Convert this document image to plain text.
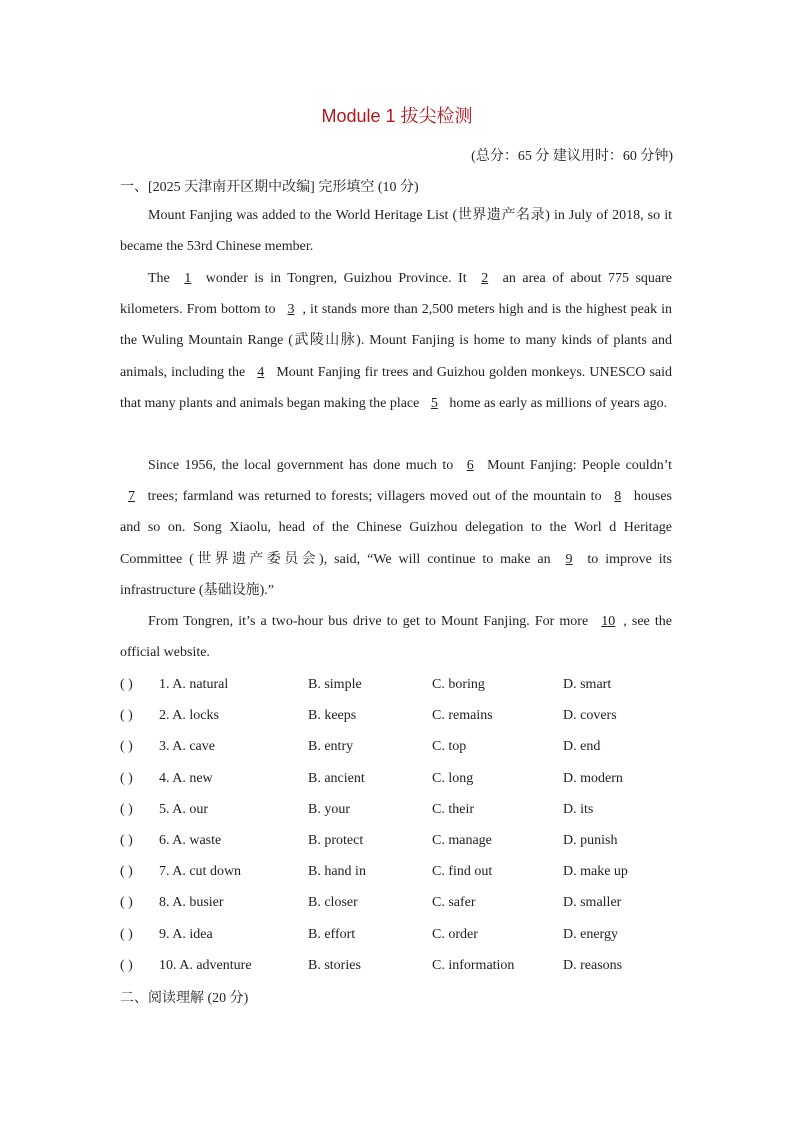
Module 1 拔尖检测
(总分：65 分 建议用时：60 分钟)
一、[2025 天津南开区期中改编] 完形填空 (10 分)

Mount Fanjing was added to the World Heritage List (世界遗产名录) in July of 2018, so it became the 53rd Chinese member.

The 1 wonder is in Tongren, Guizhou Province. It 2 an area of about 775 square kilometers. From bottom to 3 , it stands more than 2,500 meters high and is the highest peak in the Wuling Mountain Range (武陵山脉). Mount Fanjing is home to many kinds of plants and animals, including the 4 Mount Fanjing fir trees and Guizhou golden monkeys. UNESCO said that many plants and animals began making the place 5 home as early as millions of years ago.

Since 1956, the local government has done much to 6 Mount Fanjing: People couldn’t 7 trees; farmland was returned to forests; villagers moved out of the mountain to 8 houses and so on. Song Xiaolu, head of the Chinese Guizhou delegation to the Worl d Heritage Committee (世界遗产委员会), said, “We will continue to make an 9 to improve its infrastructure (基础设施).”

From Tongren, it’s a two-hour bus drive to get to Mount Fanjing. For more 10 , see the official website.

( ) 1. A. natural	B. simple	C. boring	D. smart
( ) 2. A. locks	B. keeps	C. remains	D. covers
( ) 3. A. cave	B. entry	C. top	D. end
( ) 4. A. new	B. ancient	C. long	D. modern
( ) 5. A. our	B. your	C. their	D. its
( ) 6. A. waste	B. protect	C. manage	D. punish
( ) 7. A. cut down	B. hand in	C. find out	D. make up
( ) 8. A. busier	B. closer	C. safer	D. smaller
( ) 9. A. idea	B. effort	C. order	D. energy
( ) 10. A. adventure	B. stories	C. information	D. reasons
二、阅读理解 (20 分)
